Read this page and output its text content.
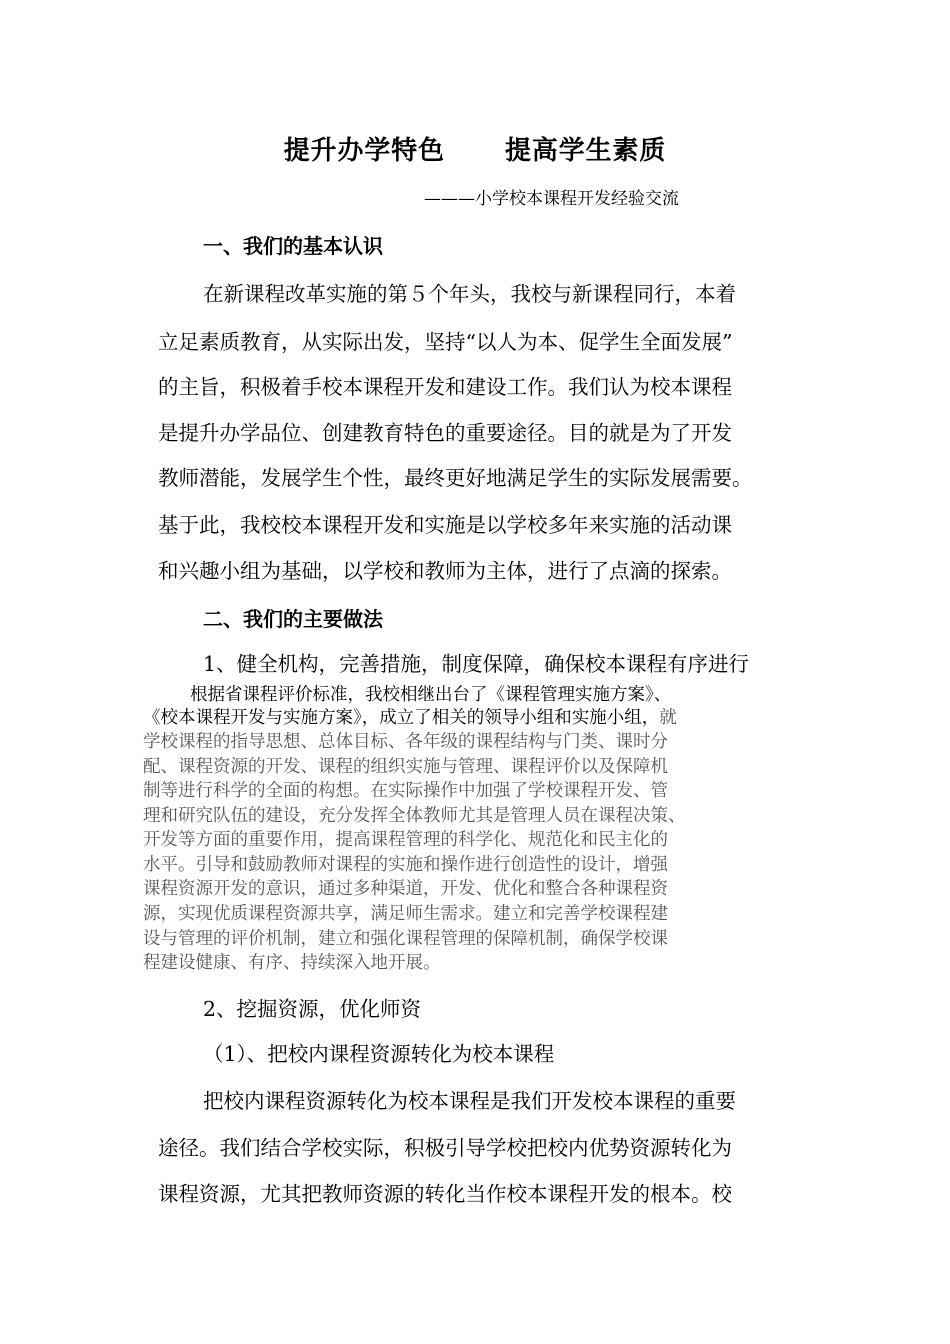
提升办学特色 提高学生素质
———小学校本课程开发经验交流
一、我们的基本认识
在新课程改革实施的第５个年头，我校与新课程同行，本着
立足素质教育，从实际出发，坚持“以人为本、促学生全面发展”
的主旨，积极着手校本课程开发和建设工作。我们认为校本课程
是提升办学品位、创建教育特色的重要途径。目的就是为了开发
教师潜能，发展学生个性，最终更好地满足学生的实际发展需要。
基于此，我校校本课程开发和实施是以学校多年来实施的活动课
和兴趣小组为基础，以学校和教师为主体，进行了点滴的探索。
二、我们的主要做法
1、健全机构，完善措施，制度保障，确保校本课程有序进行
根据省课程评价标准，我校相继出台了《课程管理实施方案》、
《校本课程开发与实施方案》，成立了相关的领导小组和实施小组，就
学校课程的指导思想、总体目标、各年级的课程结构与门类、课时分
配、课程资源的开发、课程的组织实施与管理、课程评价以及保障机
制等进行科学的全面的构想。在实际操作中加强了学校课程开发、管
理和研究队伍的建设，充分发挥全体教师尤其是管理人员在课程决策、
开发等方面的重要作用，提高课程管理的科学化、规范化和民主化的
水平。引导和鼓励教师对课程的实施和操作进行创造性的设计，增强
课程资源开发的意识，通过多种渠道，开发、优化和整合各种课程资
源，实现优质课程资源共享，满足师生需求。建立和完善学校课程建
设与管理的评价机制，建立和强化课程管理的保障机制，确保学校课
程建设健康、有序、持续深入地开展。
2、挖掘资源，优化师资
（1）、把校内课程资源转化为校本课程
把校内课程资源转化为校本课程是我们开发校本课程的重要
途径。我们结合学校实际，积极引导学校把校内优势资源转化为
课程资源，尤其把教师资源的转化当作校本课程开发的根本。校
